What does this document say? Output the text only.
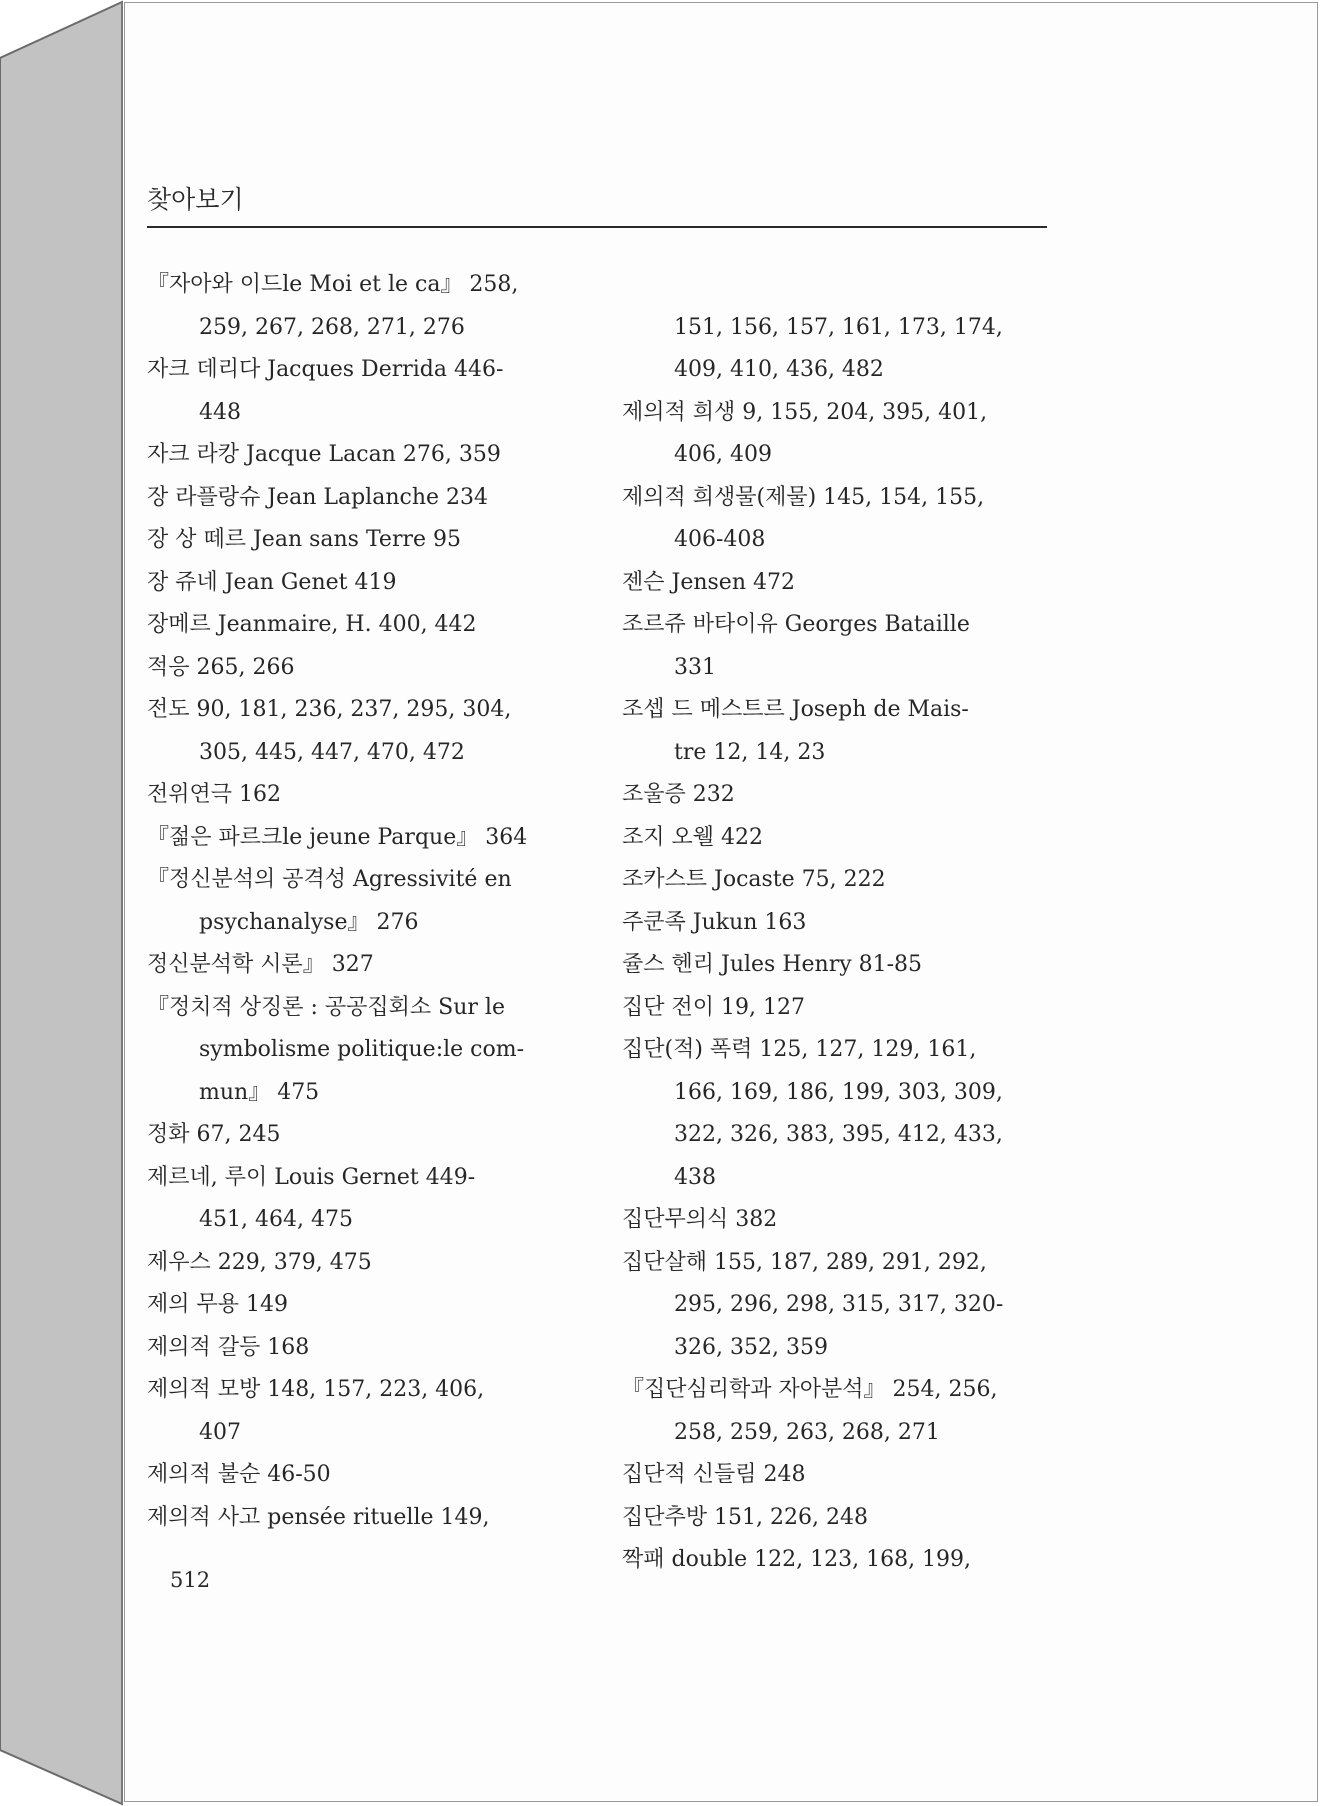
찾아보기
『자아와 이드le Moi et le ca』 258,
259, 267, 268, 271, 276
자크 데리다 Jacques Derrida 446-
448
자크 라캉 Jacque Lacan 276, 359
장 라플랑슈 Jean Laplanche 234
장 상 떼르 Jean sans Terre 95
장 쥬네 Jean Genet 419
장메르 Jeanmaire, H. 400, 442
적응 265, 266
전도 90, 181, 236, 237, 295, 304,
305, 445, 447, 470, 472
전위연극 162
『젊은 파르크le jeune Parque』 364
『정신분석의 공격성 Agressivité en
psychanalyse』 276
정신분석학 시론』 327
『정치적 상징론 : 공공집회소 Sur le
symbolisme politique:le com-
mun』 475
정화 67, 245
제르네, 루이 Louis Gernet 449-
451, 464, 475
제우스 229, 379, 475
제의 무용 149
제의적 갈등 168
제의적 모방 148, 157, 223, 406,
407
제의적 불순 46-50
제의적 사고 pensée rituelle 149,

151, 156, 157, 161, 173, 174,
409, 410, 436, 482
제의적 희생 9, 155, 204, 395, 401,
406, 409
제의적 희생물(제물) 145, 154, 155,
406-408
젠슨 Jensen 472
조르쥬 바타이유 Georges Bataille
331
조셉 드 메스트르 Joseph de Mais-
tre 12, 14, 23
조울증 232
조지 오웰 422
조카스트 Jocaste 75, 222
주쿤족 Jukun 163
쥴스 헨리 Jules Henry 81-85
집단 전이 19, 127
집단(적) 폭력 125, 127, 129, 161,
166, 169, 186, 199, 303, 309,
322, 326, 383, 395, 412, 433,
438
집단무의식 382
집단살해 155, 187, 289, 291, 292,
295, 296, 298, 315, 317, 320-
326, 352, 359
『집단심리학과 자아분석』 254, 256,
258, 259, 263, 268, 271
집단적 신들림 248
집단추방 151, 226, 248
짝패 double 122, 123, 168, 199,
512
